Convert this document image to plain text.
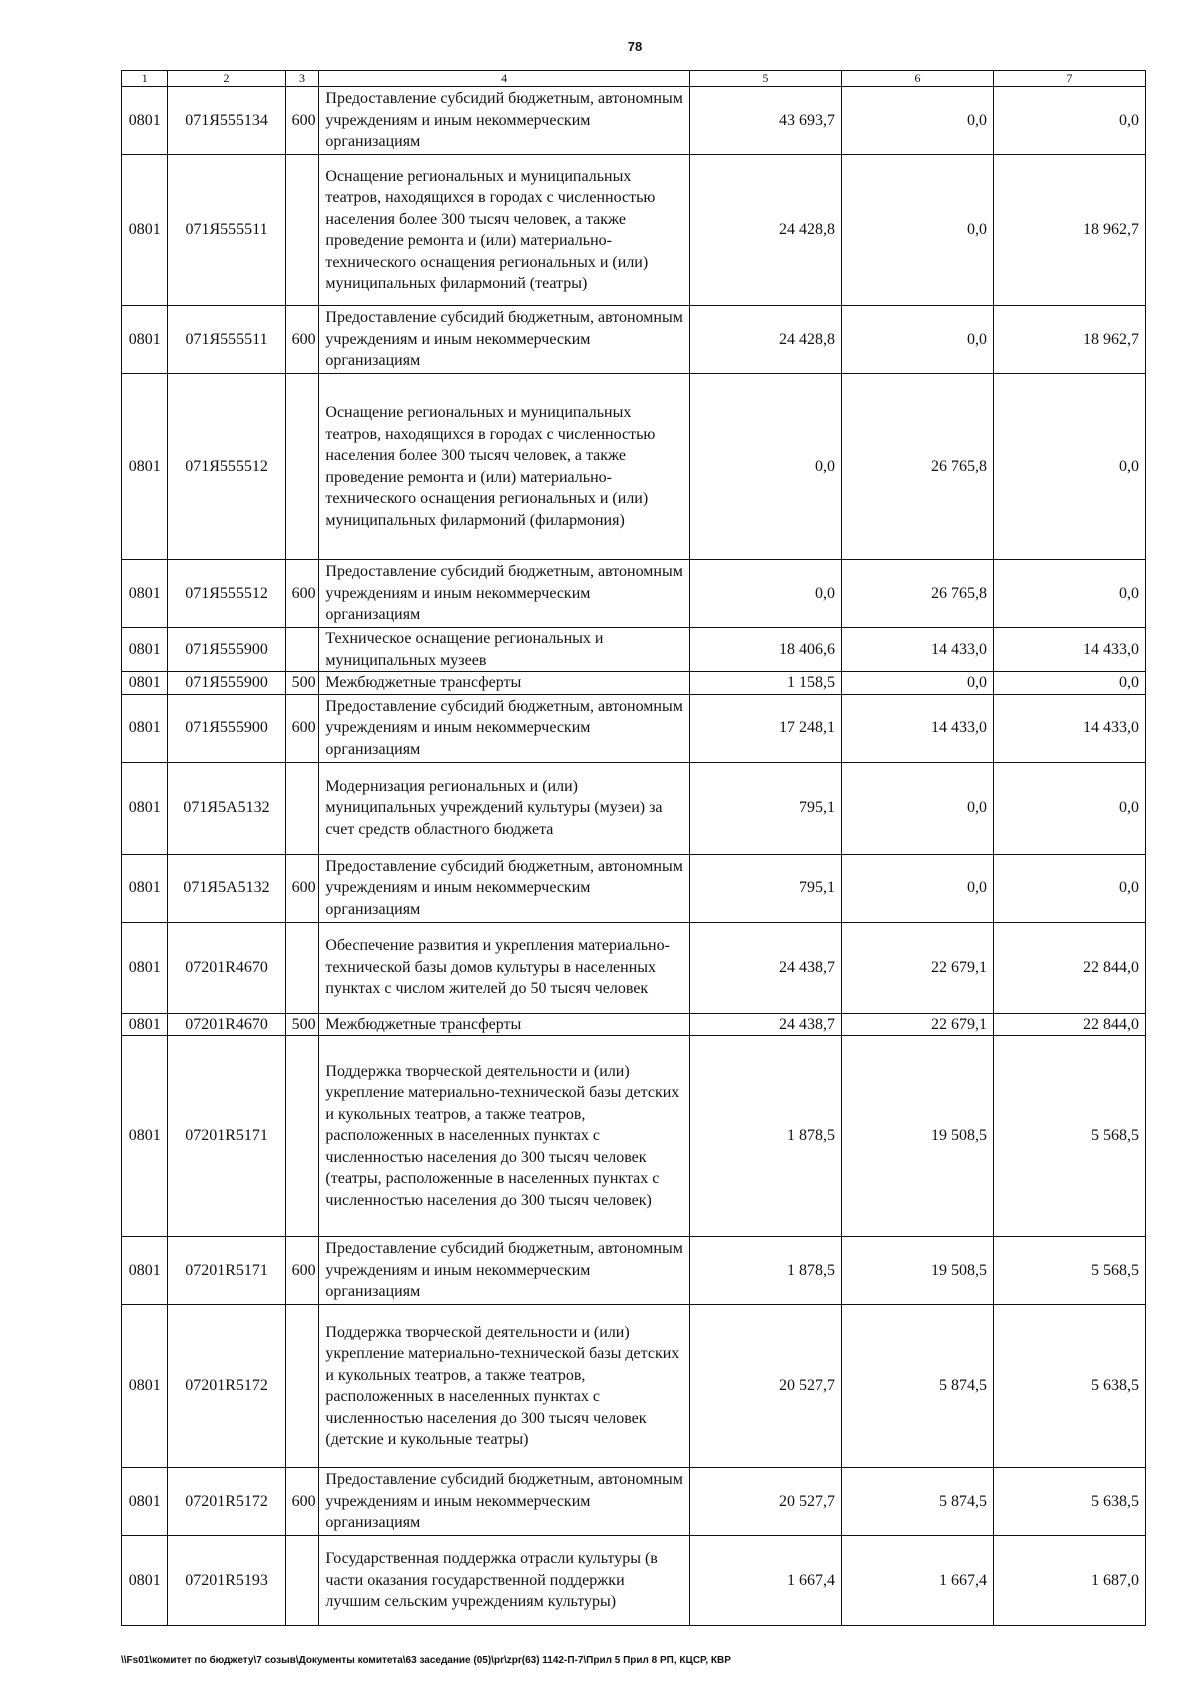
78
1	2	3	4	5	6	7
0801	071Я555134	600	Предоставление субсидий бюджетным, автономным учреждениям и иным некоммерческим организациям	43 693,7	0,0	0,0
0801	071Я555511		Оснащение региональных и муниципальных театров, находящихся в городах с численностью населения более 300 тысяч человек, а также проведение ремонта и (или) материально-технического оснащения региональных и (или) муниципальных филармоний (театры)	24 428,8	0,0	18 962,7
0801	071Я555511	600	Предоставление субсидий бюджетным, автономным учреждениям и иным некоммерческим организациям	24 428,8	0,0	18 962,7
0801	071Я555512		Оснащение региональных и муниципальных театров, находящихся в городах с численностью населения более 300 тысяч человек, а также проведение ремонта и (или) материально-технического оснащения региональных и (или) муниципальных филармоний (филармония)	0,0	26 765,8	0,0
0801	071Я555512	600	Предоставление субсидий бюджетным, автономным учреждениям и иным некоммерческим организациям	0,0	26 765,8	0,0
0801	071Я555900		Техническое оснащение региональных и муниципальных музеев	18 406,6	14 433,0	14 433,0
0801	071Я555900	500	Межбюджетные трансферты	1 158,5	0,0	0,0
0801	071Я555900	600	Предоставление субсидий бюджетным, автономным учреждениям и иным некоммерческим организациям	17 248,1	14 433,0	14 433,0
0801	071Я5А5132		Модернизация региональных и (или) муниципальных учреждений культуры (музеи) за счет средств областного бюджета	795,1	0,0	0,0
0801	071Я5А5132	600	Предоставление субсидий бюджетным, автономным учреждениям и иным некоммерческим организациям	795,1	0,0	0,0
0801	07201R4670		Обеспечение развития и укрепления материально-технической базы домов культуры в населенных пунктах с числом жителей до 50 тысяч человек	24 438,7	22 679,1	22 844,0
0801	07201R4670	500	Межбюджетные трансферты	24 438,7	22 679,1	22 844,0
0801	07201R5171		Поддержка творческой деятельности и (или) укрепление материально-технической базы детских и кукольных театров, а также театров, расположенных в населенных пунктах с численностью населения до 300 тысяч человек (театры, расположенные в населенных пунктах с численностью населения до 300 тысяч человек)	1 878,5	19 508,5	5 568,5
0801	07201R5171	600	Предоставление субсидий бюджетным, автономным учреждениям и иным некоммерческим организациям	1 878,5	19 508,5	5 568,5
0801	07201R5172		Поддержка творческой деятельности и (или) укрепление материально-технической базы детских и кукольных театров, а также театров, расположенных в населенных пунктах с численностью населения до 300 тысяч человек (детские и кукольные театры)	20 527,7	5 874,5	5 638,5
0801	07201R5172	600	Предоставление субсидий бюджетным, автономным учреждениям и иным некоммерческим организациям	20 527,7	5 874,5	5 638,5
0801	07201R5193		Государственная поддержка отрасли культуры (в части оказания государственной поддержки лучшим сельским учреждениям культуры)	1 667,4	1 667,4	1 687,0
\\Fs01\комитет по бюджету\7 созыв\Документы комитета\63 заседание (05)\pr\zpr(63) 1142-П-7\Прил 5 Прил 8 РП, КЦСР, КВР
